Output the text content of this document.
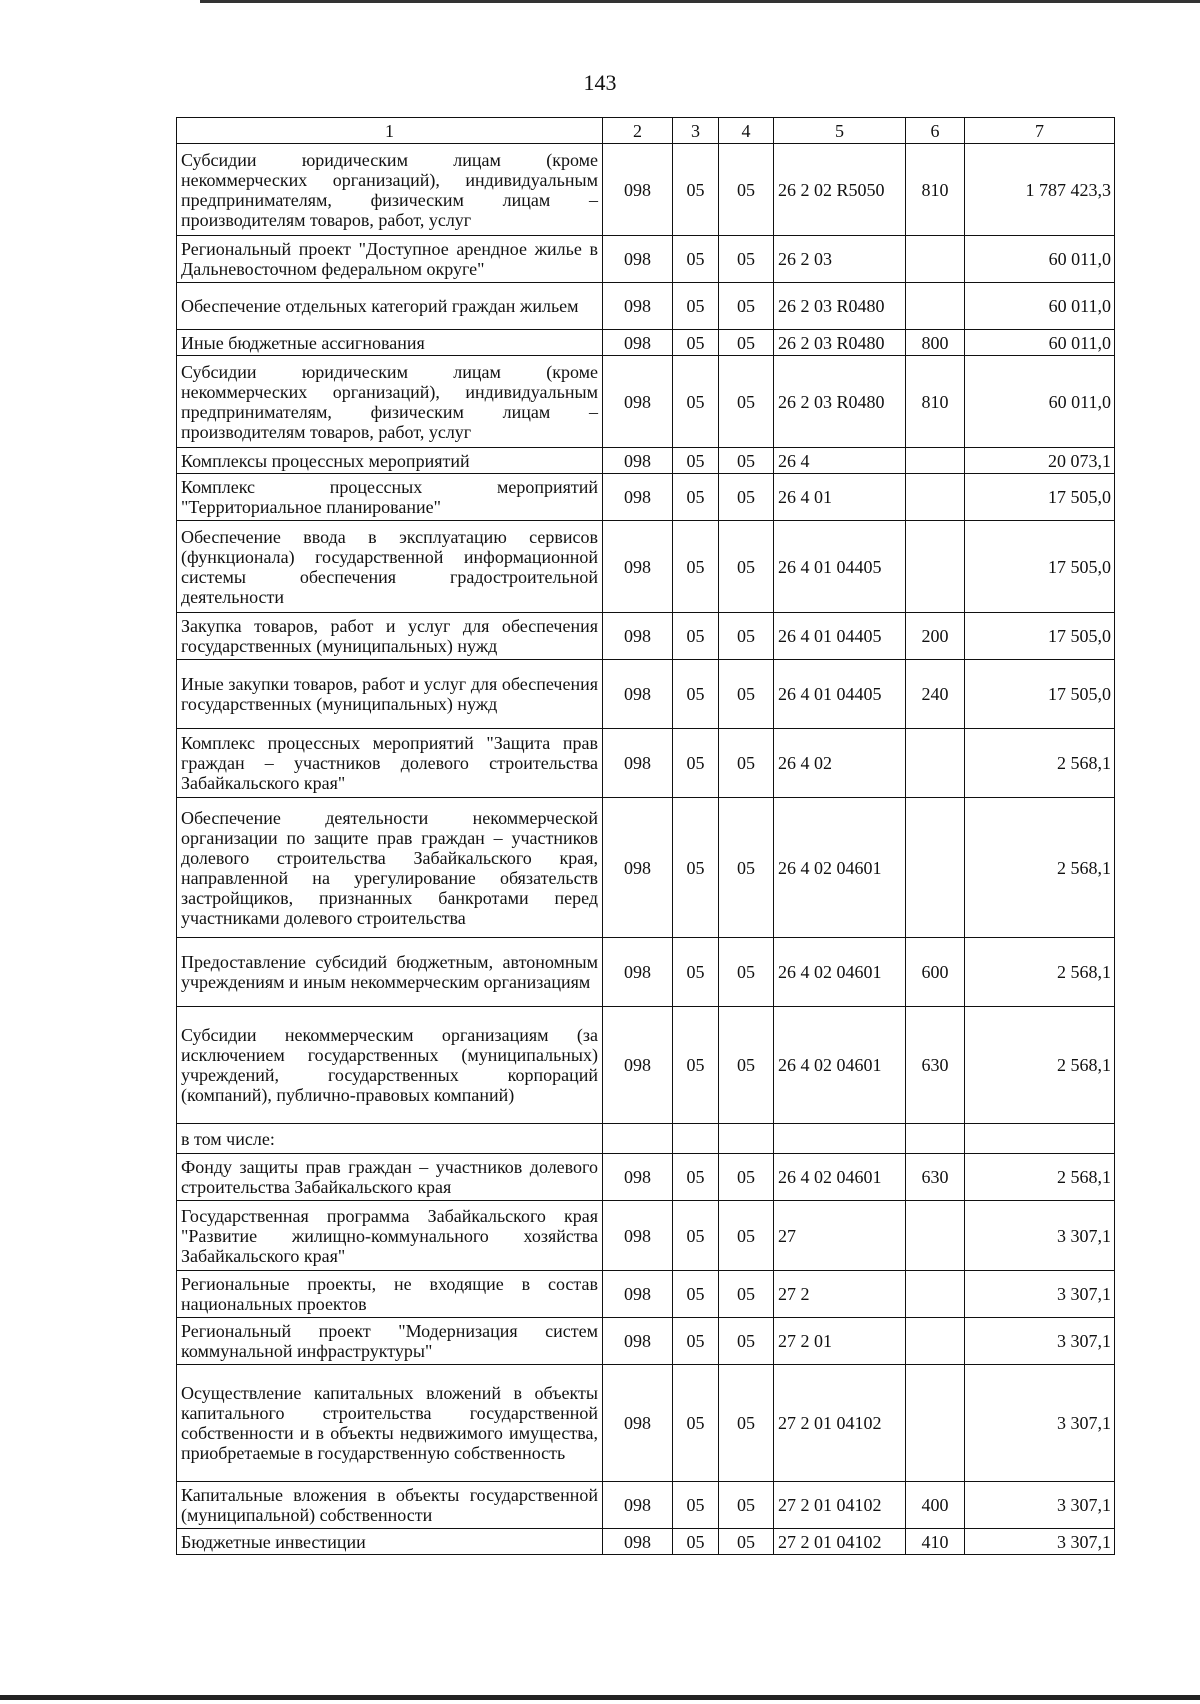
143
1	2	3	4	5	6	7
Субсидии юридическим лицам (кроме некоммерческих организаций), индивидуальным предпринимателям, физическим лицам – производителям товаров, работ, услуг	098	05	05	26 2 02 R5050	810	1 787 423,3
Региональный проект "Доступное арендное жилье в Дальневосточном федеральном округе"	098	05	05	26 2 03		60 011,0
Обеспечение отдельных категорий граждан жильем	098	05	05	26 2 03 R0480		60 011,0
Иные бюджетные ассигнования	098	05	05	26 2 03 R0480	800	60 011,0
Субсидии юридическим лицам (кроме некоммерческих организаций), индивидуальным предпринимателям, физическим лицам – производителям товаров, работ, услуг	098	05	05	26 2 03 R0480	810	60 011,0
Комплексы процессных мероприятий	098	05	05	26 4		20 073,1
Комплекс процессных мероприятий "Территориальное планирование"	098	05	05	26 4 01		17 505,0
Обеспечение ввода в эксплуатацию сервисов (функционала) государственной информационной системы обеспечения градостроительной деятельности	098	05	05	26 4 01 04405		17 505,0
Закупка товаров, работ и услуг для обеспечения государственных (муниципальных) нужд	098	05	05	26 4 01 04405	200	17 505,0
Иные закупки товаров, работ и услуг для обеспечения государственных (муниципальных) нужд	098	05	05	26 4 01 04405	240	17 505,0
Комплекс процессных мероприятий "Защита прав граждан – участников долевого строительства Забайкальского края"	098	05	05	26 4 02		2 568,1
Обеспечение деятельности некоммерческой организации по защите прав граждан – участников долевого строительства Забайкальского края, направленной на урегулирование обязательств застройщиков, признанных банкротами перед участниками долевого строительства	098	05	05	26 4 02 04601		2 568,1
Предоставление субсидий бюджетным, автономным учреждениям и иным некоммерческим организациям	098	05	05	26 4 02 04601	600	2 568,1
Субсидии некоммерческим организациям (за исключением государственных (муниципальных) учреждений, государственных корпораций (компаний), публично-правовых компаний)	098	05	05	26 4 02 04601	630	2 568,1
в том числе:						
Фонду защиты прав граждан – участников долевого строительства Забайкальского края	098	05	05	26 4 02 04601	630	2 568,1
Государственная программа Забайкальского края "Развитие жилищно-коммунального хозяйства Забайкальского края"	098	05	05	27		3 307,1
Региональные проекты, не входящие в состав национальных проектов	098	05	05	27 2		3 307,1
Региональный проект "Модернизация систем коммунальной инфраструктуры"	098	05	05	27 2 01		3 307,1
Осуществление капитальных вложений в объекты капитального строительства государственной собственности и в объекты недвижимого имущества, приобретаемые в государственную собственность	098	05	05	27 2 01 04102		3 307,1
Капитальные вложения в объекты государственной (муниципальной) собственности	098	05	05	27 2 01 04102	400	3 307,1
Бюджетные инвестиции	098	05	05	27 2 01 04102	410	3 307,1
